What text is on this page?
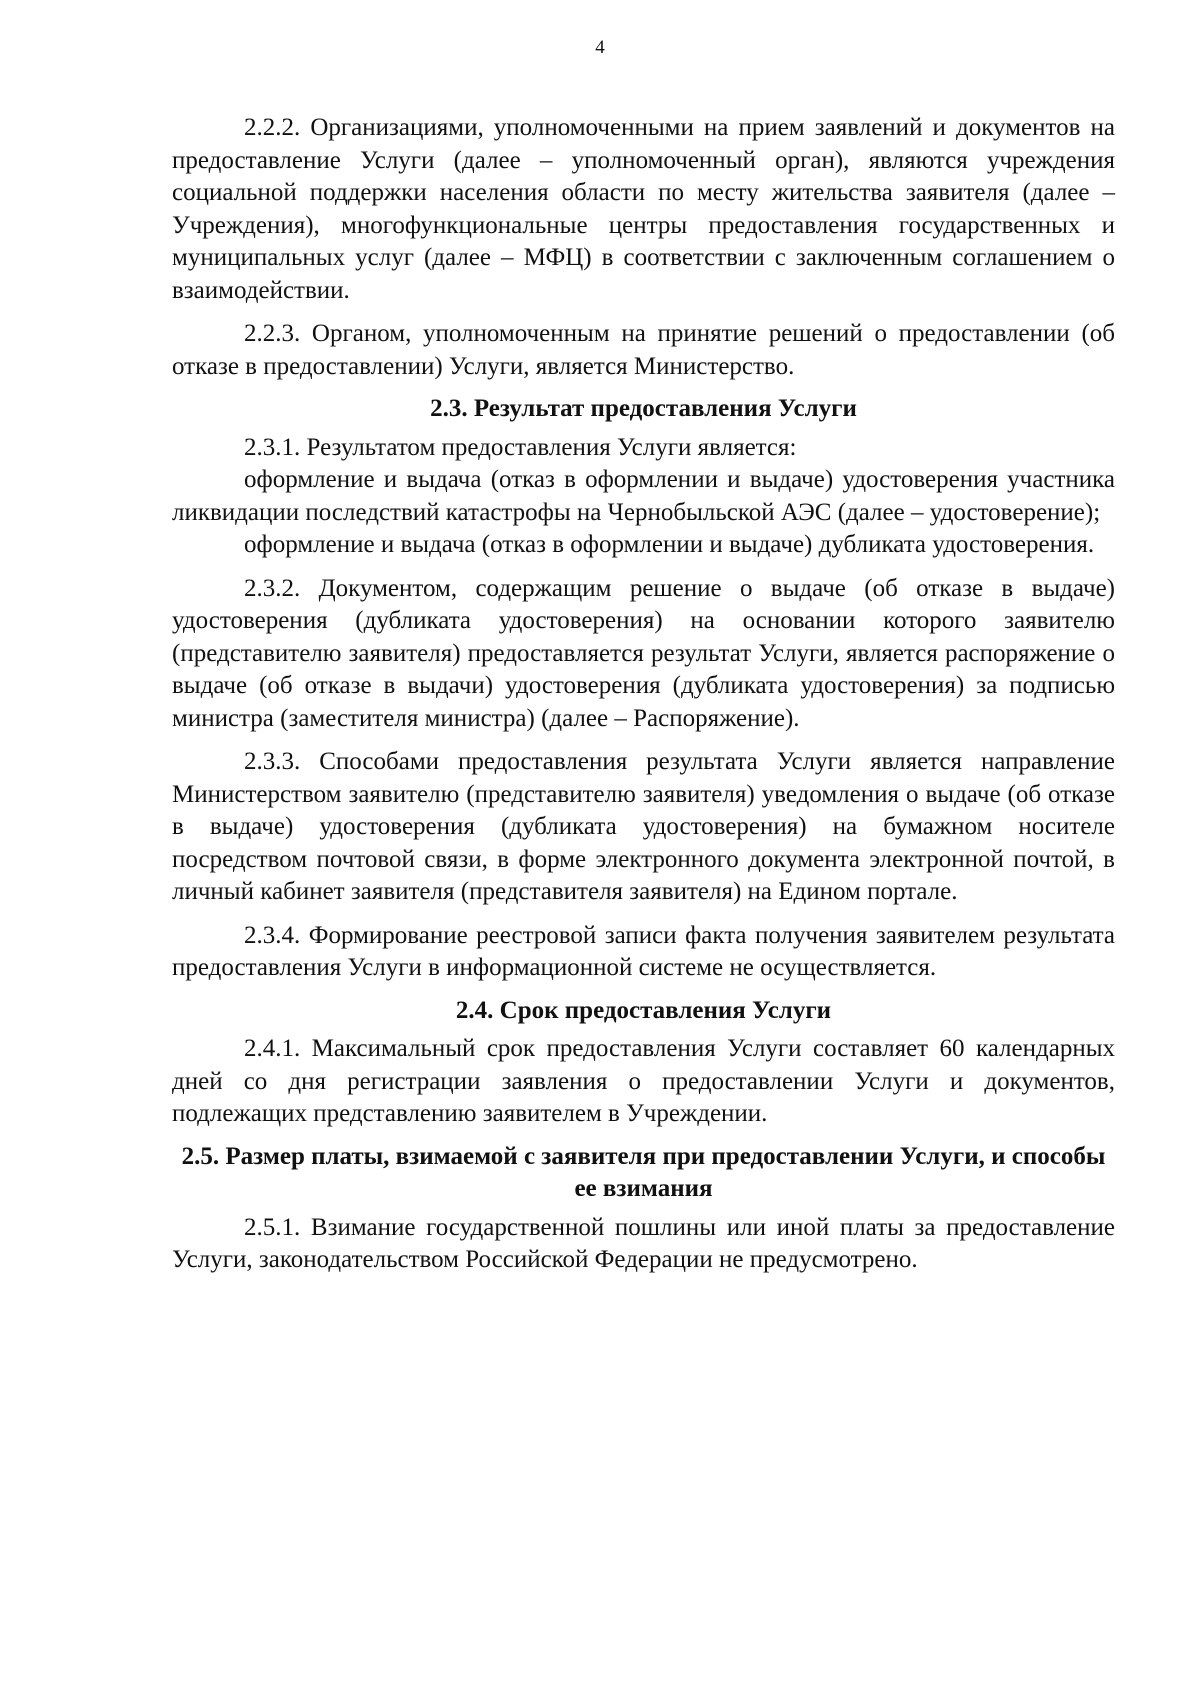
4

2.2.2. Организациями, уполномоченными на прием заявлений и документов на предоставление Услуги (далее – уполномоченный орган), являются учреждения социальной поддержки населения области по месту жительства заявителя (далее – Учреждения), многофункциональные центры предоставления государственных и муниципальных услуг (далее – МФЦ) в соответствии с заключенным соглашением о взаимодействии.

2.2.3. Органом, уполномоченным на принятие решений о предоставлении (об отказе в предоставлении) Услуги, является Министерство.

2.3. Результат предоставления Услуги

2.3.1. Результатом предоставления Услуги является:

оформление и выдача (отказ в оформлении и выдаче) удостоверения участника ликвидации последствий катастрофы на Чернобыльской АЭС (далее – удостоверение);

оформление и выдача (отказ в оформлении и выдаче) дубликата удостоверения.

2.3.2. Документом, содержащим решение о выдаче (об отказе в выдаче) удостоверения (дубликата удостоверения) на основании которого заявителю (представителю заявителя) предоставляется результат Услуги, является распоряжение о выдаче (об отказе в выдачи) удостоверения (дубликата удостоверения) за подписью министра (заместителя министра) (далее – Распоряжение).

2.3.3. Способами предоставления результата Услуги является направление Министерством заявителю (представителю заявителя) уведомления о выдаче (об отказе в выдаче) удостоверения (дубликата удостоверения) на бумажном носителе посредством почтовой связи, в форме электронного документа электронной почтой, в личный кабинет заявителя (представителя заявителя) на Едином портале.

2.3.4. Формирование реестровой записи факта получения заявителем результата предоставления Услуги в информационной системе не осуществляется.

2.4. Срок предоставления Услуги

2.4.1. Максимальный срок предоставления Услуги составляет 60 календарных дней со дня регистрации заявления о предоставлении Услуги и документов, подлежащих представлению заявителем в Учреждении.

2.5. Размер платы, взимаемой с заявителя при предоставлении Услуги, и способы ее взимания

2.5.1. Взимание государственной пошлины или иной платы за предоставление Услуги, законодательством Российской Федерации не предусмотрено.
